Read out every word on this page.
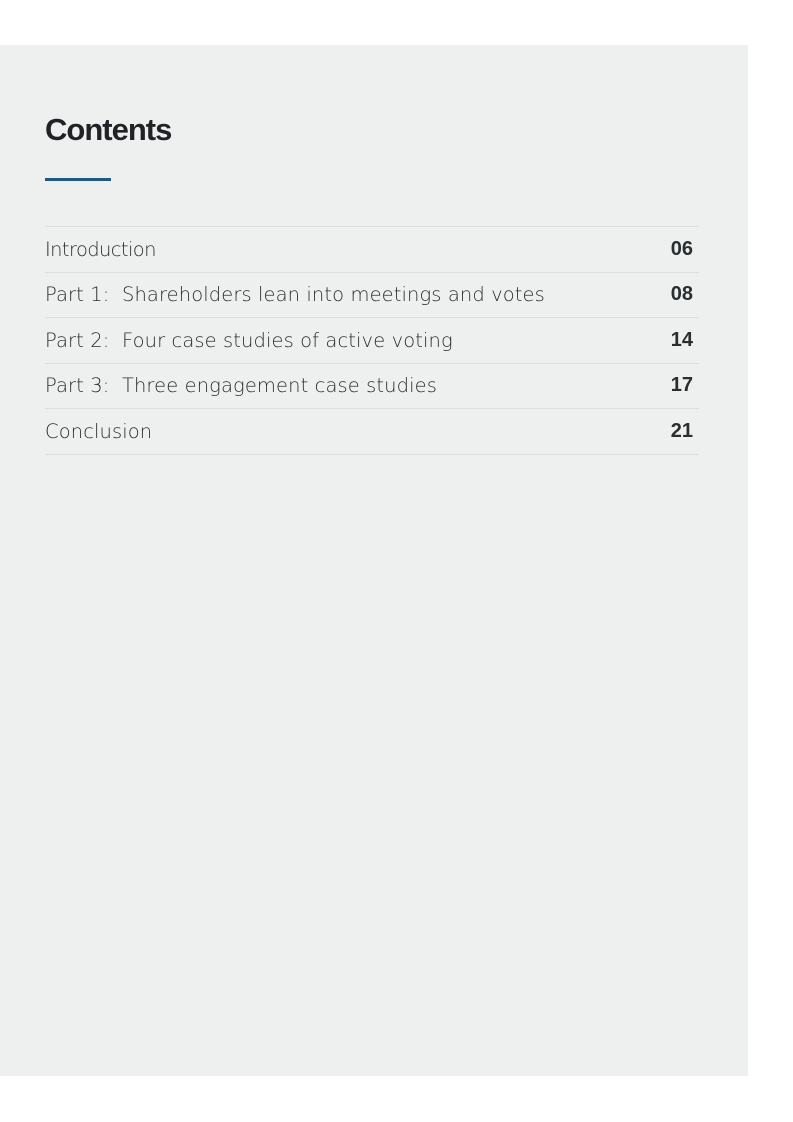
Contents
Introduction	06
Part 1:  Shareholders lean into meetings and votes	08
Part 2:  Four case studies of active voting	14
Part 3:  Three engagement case studies	17
Conclusion	21
